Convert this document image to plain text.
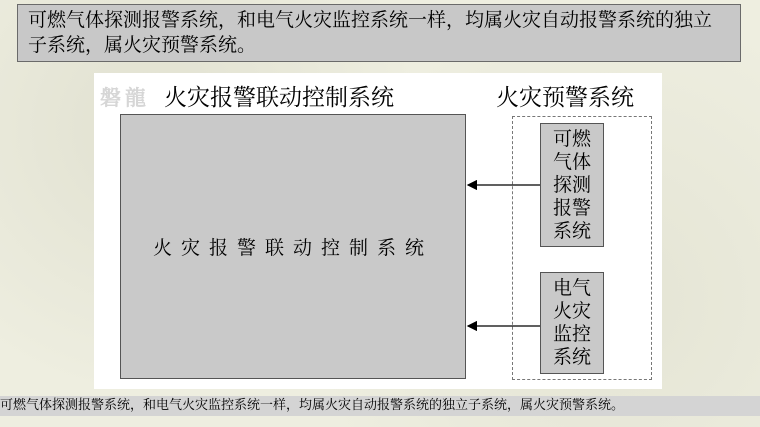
可燃气体探测报警系统，和电气火灾监控系统一样，均属火灾自动报警系统的独立子系统，属火灾预警系统。
磐龍 火灾报警联动控制系统	火灾预警系统
火灾报警联动控制系统
可燃气体探测报警系统
电气火灾监控系统
可燃气体探测报警系统，和电气火灾监控系统一样，均属火灾自动报警系统的独立子系统，属火灾预警系统。
